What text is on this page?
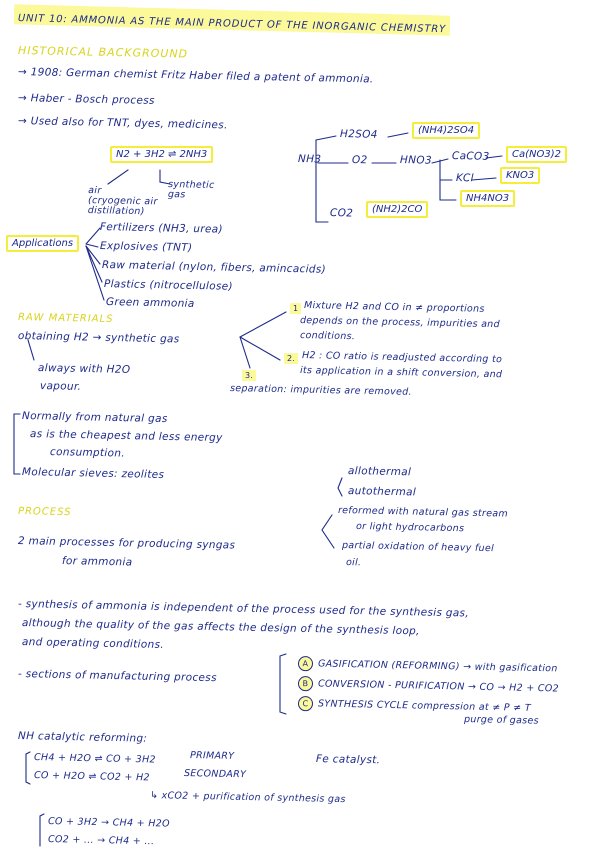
UNIT 10: AMMONIA AS THE MAIN PRODUCT OF THE INORGANIC CHEMISTRY
HISTORICAL BACKGROUND
→ 1908: German chemist Fritz Haber filed a patent of ammonia.
→ Haber - Bosch process
→ Used also for TNT, dyes, medicines.
N2 + 3H2 ⇌ 2NH3
air
(cryogenic air
distillation)
synthetic
gas
NH3
H2SO4	(NH4)2SO4
O2	HNO3 CaCO3	Ca(NO3)2
KCl	KNO3
NH4NO3
CO2	(NH2)2CO
Applications
Fertilizers (NH3, urea)
Explosives (TNT)
Raw material (nylon, fibers, amincacids)
Plastics (nitrocellulose)
Green ammonia
RAW MATERIALS
obtaining H2 → synthetic gas
always with H2O
vapour.
1 Mixture H2 and CO in ≠ proportions
depends on the process, impurities and
conditions.
2. H2 : CO ratio is readjusted according to
its application in a shift conversion, and
3.
separation: impurities are removed.
Normally from natural gas
as is the cheapest and less energy
consumption.
Molecular sieves: zeolites
PROCESS
allothermal
autothermal
2 main processes for producing syngas
for ammonia
reformed with natural gas stream
or light hydrocarbons
partial oxidation of heavy fuel
oil.
- synthesis of ammonia is independent of the process used for the synthesis gas,
although the quality of the gas affects the design of the synthesis loop,
and operating conditions.
- sections of manufacturing process
A GASIFICATION (REFORMING) → with gasification
B CONVERSION - PURIFICATION → CO → H2 + CO2
C SYNTHESIS CYCLE compression at ≠ P ≠ T
purge of gases
NH catalytic reforming:
CH4 + H2O ⇌ CO + 3H2	PRIMARY
CO + H2O ⇌ CO2 + H2	SECONDARY
Fe catalyst.
↳ xCO2 + purification of synthesis gas
CO + 3H2 → CH4 + H2O
CO2 + ... → CH4 + ...
